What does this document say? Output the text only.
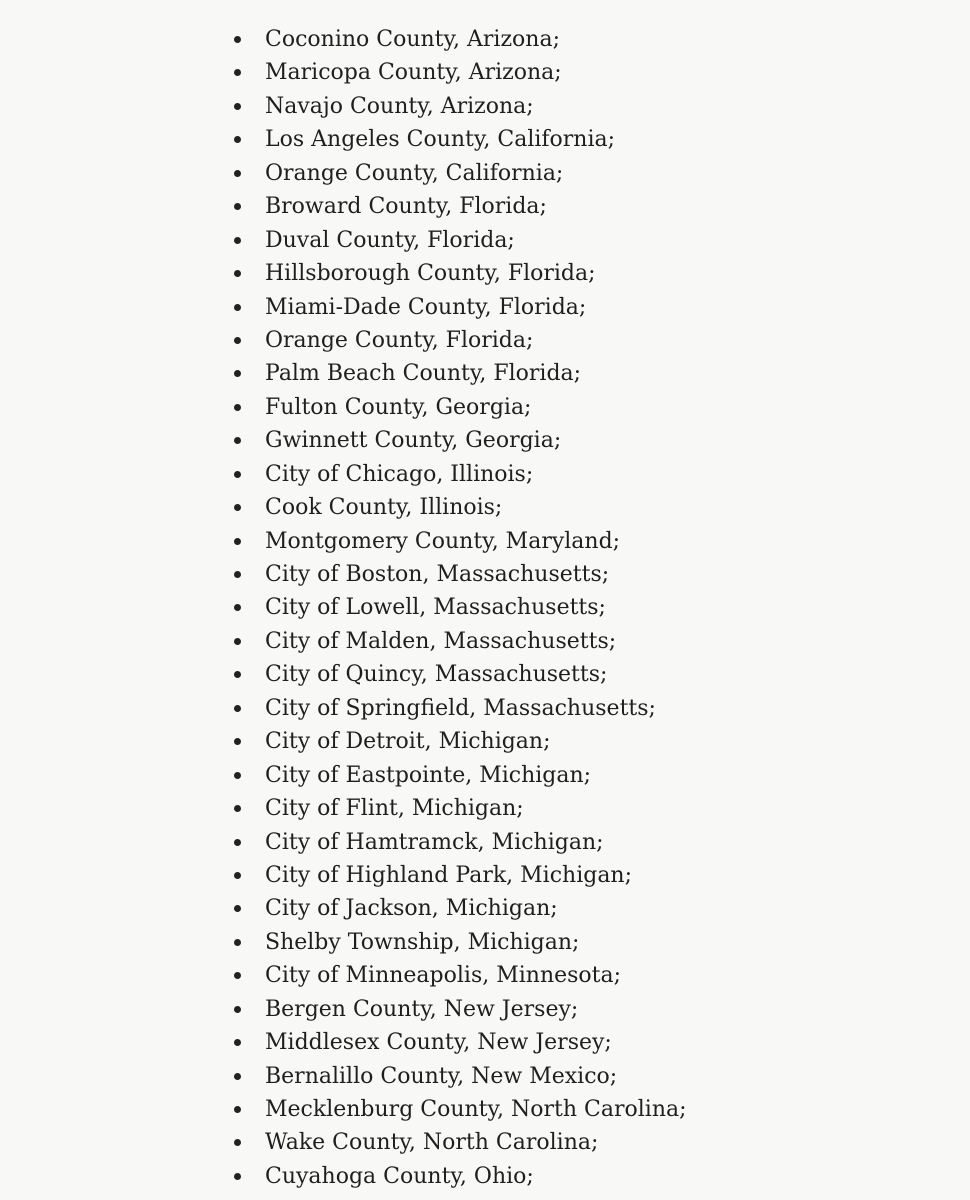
Coconino County, Arizona;
Maricopa County, Arizona;
Navajo County, Arizona;
Los Angeles County, California;
Orange County, California;
Broward County, Florida;
Duval County, Florida;
Hillsborough County, Florida;
Miami-Dade County, Florida;
Orange County, Florida;
Palm Beach County, Florida;
Fulton County, Georgia;
Gwinnett County, Georgia;
City of Chicago, Illinois;
Cook County, Illinois;
Montgomery County, Maryland;
City of Boston, Massachusetts;
City of Lowell, Massachusetts;
City of Malden, Massachusetts;
City of Quincy, Massachusetts;
City of Springfield, Massachusetts;
City of Detroit, Michigan;
City of Eastpointe, Michigan;
City of Flint, Michigan;
City of Hamtramck, Michigan;
City of Highland Park, Michigan;
City of Jackson, Michigan;
Shelby Township, Michigan;
City of Minneapolis, Minnesota;
Bergen County, New Jersey;
Middlesex County, New Jersey;
Bernalillo County, New Mexico;
Mecklenburg County, North Carolina;
Wake County, North Carolina;
Cuyahoga County, Ohio;
